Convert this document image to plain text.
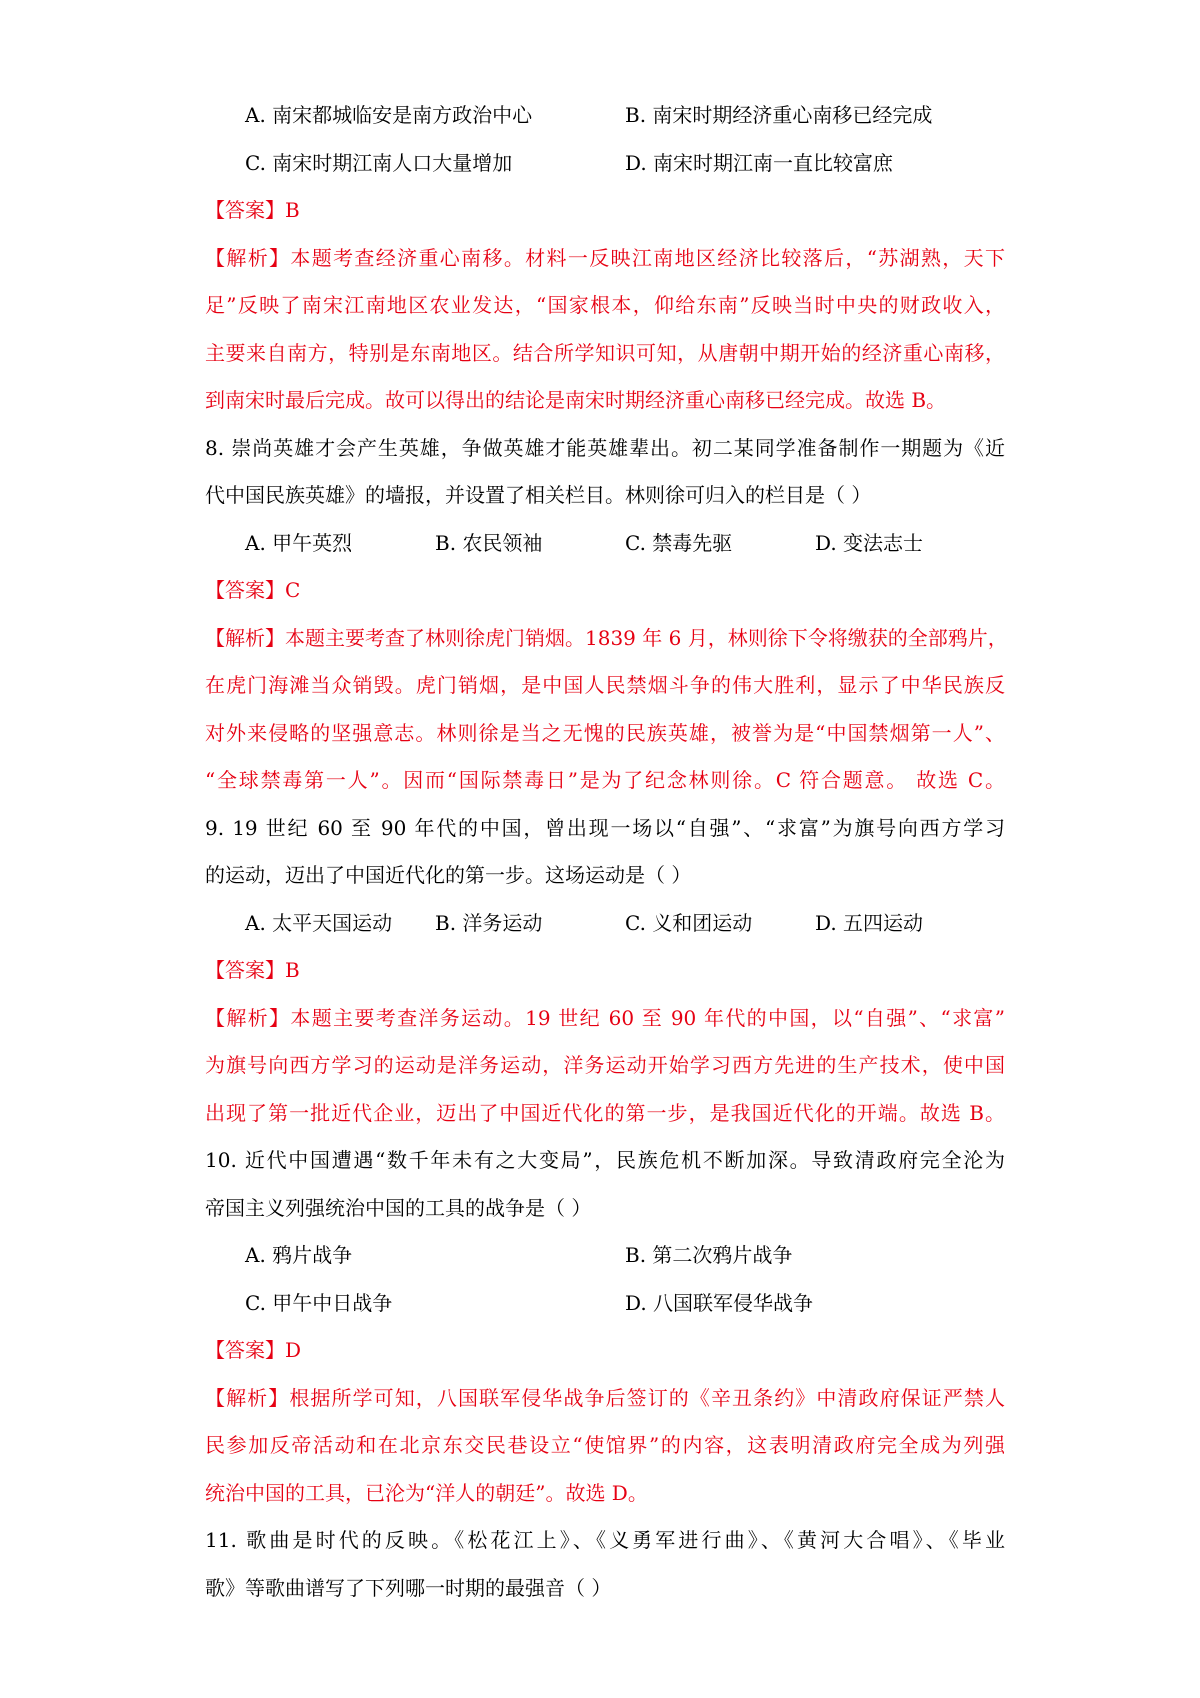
A. 南宋都城临安是南方政治中心	B. 南宋时期经济重心南移已经完成
C. 南宋时期江南人口大量增加	D. 南宋时期江南一直比较富庶
【答案】B
【解析】本题考查经济重心南移。材料一反映江南地区经济比较落后，“苏湖熟，天下
足”反映了南宋江南地区农业发达，“国家根本，仰给东南”反映当时中央的财政收入，
主要来自南方，特别是东南地区。结合所学知识可知，从唐朝中期开始的经济重心南移，
到南宋时最后完成。故可以得出的结论是南宋时期经济重心南移已经完成。故选 B。
8. 崇尚英雄才会产生英雄，争做英雄才能英雄辈出。初二某同学准备制作一期题为《近
代中国民族英雄》的墙报，并设置了相关栏目。林则徐可归入的栏目是（ ）
A. 甲午英烈	B. 农民领袖	C. 禁毒先驱	D. 变法志士
【答案】C
【解析】本题主要考查了林则徐虎门销烟。1839 年 6 月，林则徐下令将缴获的全部鸦片，
在虎门海滩当众销毁。虎门销烟，是中国人民禁烟斗争的伟大胜利，显示了中华民族反
对外来侵略的坚强意志。林则徐是当之无愧的民族英雄，被誉为是“中国禁烟第一人”、
“全球禁毒第一人”。因而“国际禁毒日”是为了纪念林则徐。C 符合题意。 故选 C。
9. 19 世纪 60 至 90 年代的中国，曾出现一场以“自强”、“求富”为旗号向西方学习
的运动，迈出了中国近代化的第一步。这场运动是（ ）
A. 太平天国运动	B. 洋务运动	C. 义和团运动	D. 五四运动
【答案】B
【解析】本题主要考查洋务运动。19 世纪 60 至 90 年代的中国，以“自强”、“求富”
为旗号向西方学习的运动是洋务运动，洋务运动开始学习西方先进的生产技术，使中国
出现了第一批近代企业，迈出了中国近代化的第一步，是我国近代化的开端。故选 B。
10. 近代中国遭遇“数千年未有之大变局”，民族危机不断加深。导致清政府完全沦为
帝国主义列强统治中国的工具的战争是（ ）
A. 鸦片战争	B. 第二次鸦片战争
C. 甲午中日战争	D. 八国联军侵华战争
【答案】D
【解析】根据所学可知，八国联军侵华战争后签订的《辛丑条约》中清政府保证严禁人
民参加反帝活动和在北京东交民巷设立“使馆界”的内容，这表明清政府完全成为列强
统治中国的工具，已沦为“洋人的朝廷”。故选 D。
11. 歌曲是时代的反映。《松花江上》、《义勇军进行曲》、《黄河大合唱》、《毕业
歌》等歌曲谱写了下列哪一时期的最强音（ ）
